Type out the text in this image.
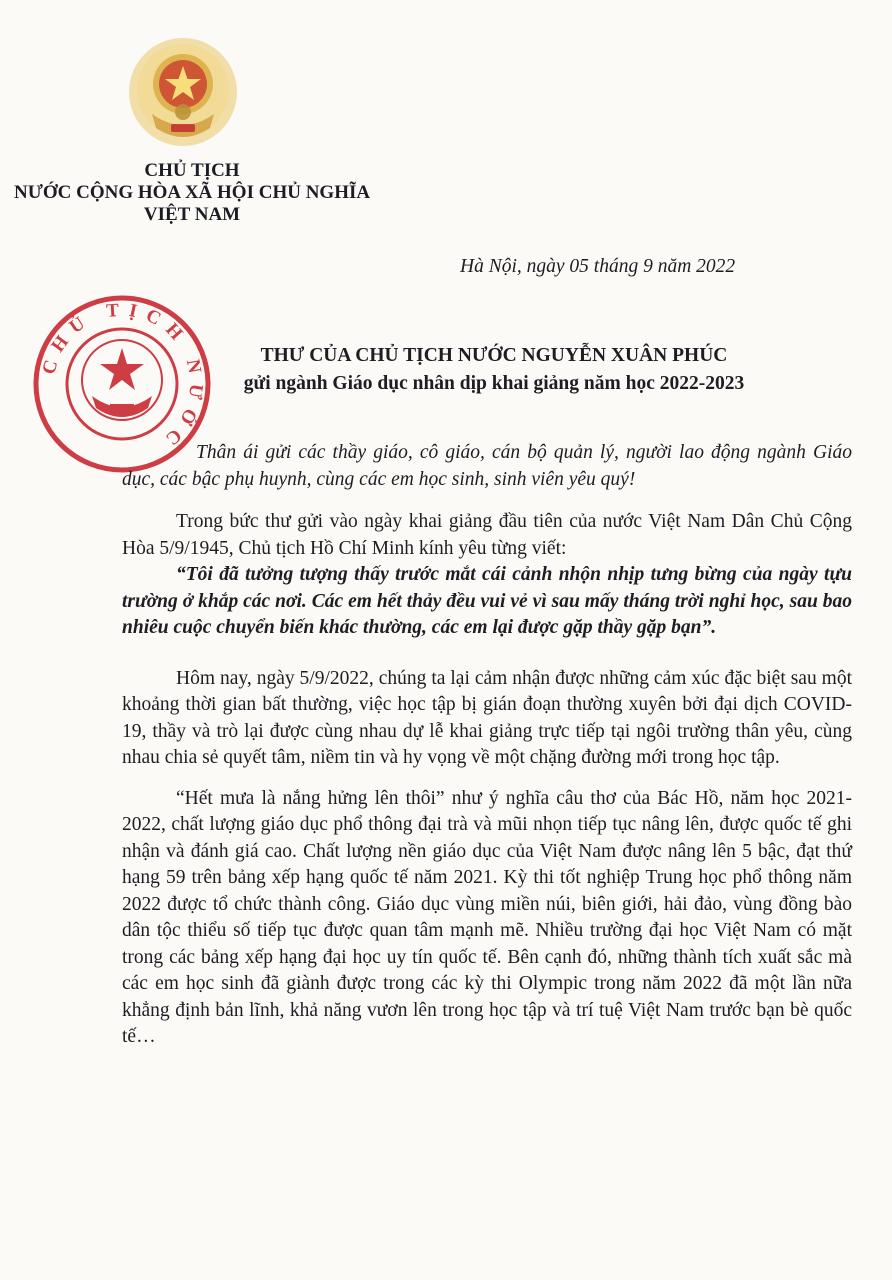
CHỦ TỊCH
NƯỚC CỘNG HÒA XÃ HỘI CHỦ NGHĨA
VIỆT NAM
Hà Nội, ngày 05 tháng 9 năm 2022
CHỦ TỊCH NƯỚC
THƯ CỦA CHỦ TỊCH NƯỚC NGUYỄN XUÂN PHÚC
gửi ngành Giáo dục nhân dịp khai giảng năm học 2022-2023

Thân ái gửi các thầy giáo, cô giáo, cán bộ quản lý, người lao động ngành Giáo dục, các bậc phụ huynh, cùng các em học sinh, sinh viên yêu quý!

Trong bức thư gửi vào ngày khai giảng đầu tiên của nước Việt Nam Dân Chủ Cộng Hòa 5/9/1945, Chủ tịch Hồ Chí Minh kính yêu từng viết:

“Tôi đã tưởng tượng thấy trước mắt cái cảnh nhộn nhịp tưng bừng của ngày tựu trường ở khắp các nơi. Các em hết thảy đều vui vẻ vì sau mấy tháng trời nghỉ học, sau bao nhiêu cuộc chuyển biến khác thường, các em lại được gặp thầy gặp bạn”.

Hôm nay, ngày 5/9/2022, chúng ta lại cảm nhận được những cảm xúc đặc biệt sau một khoảng thời gian bất thường, việc học tập bị gián đoạn thường xuyên bởi đại dịch COVID-19, thầy và trò lại được cùng nhau dự lễ khai giảng trực tiếp tại ngôi trường thân yêu, cùng nhau chia sẻ quyết tâm, niềm tin và hy vọng về một chặng đường mới trong học tập.

“Hết mưa là nắng hửng lên thôi” như ý nghĩa câu thơ của Bác Hồ, năm học 2021-2022, chất lượng giáo dục phổ thông đại trà và mũi nhọn tiếp tục nâng lên, được quốc tế ghi nhận và đánh giá cao. Chất lượng nền giáo dục của Việt Nam được nâng lên 5 bậc, đạt thứ hạng 59 trên bảng xếp hạng quốc tế năm 2021. Kỳ thi tốt nghiệp Trung học phổ thông năm 2022 được tổ chức thành công. Giáo dục vùng miền núi, biên giới, hải đảo, vùng đồng bào dân tộc thiểu số tiếp tục được quan tâm mạnh mẽ. Nhiều trường đại học Việt Nam có mặt trong các bảng xếp hạng đại học uy tín quốc tế. Bên cạnh đó, những thành tích xuất sắc mà các em học sinh đã giành được trong các kỳ thi Olympic trong năm 2022 đã một lần nữa khẳng định bản lĩnh, khả năng vươn lên trong học tập và trí tuệ Việt Nam trước bạn bè quốc tế…
